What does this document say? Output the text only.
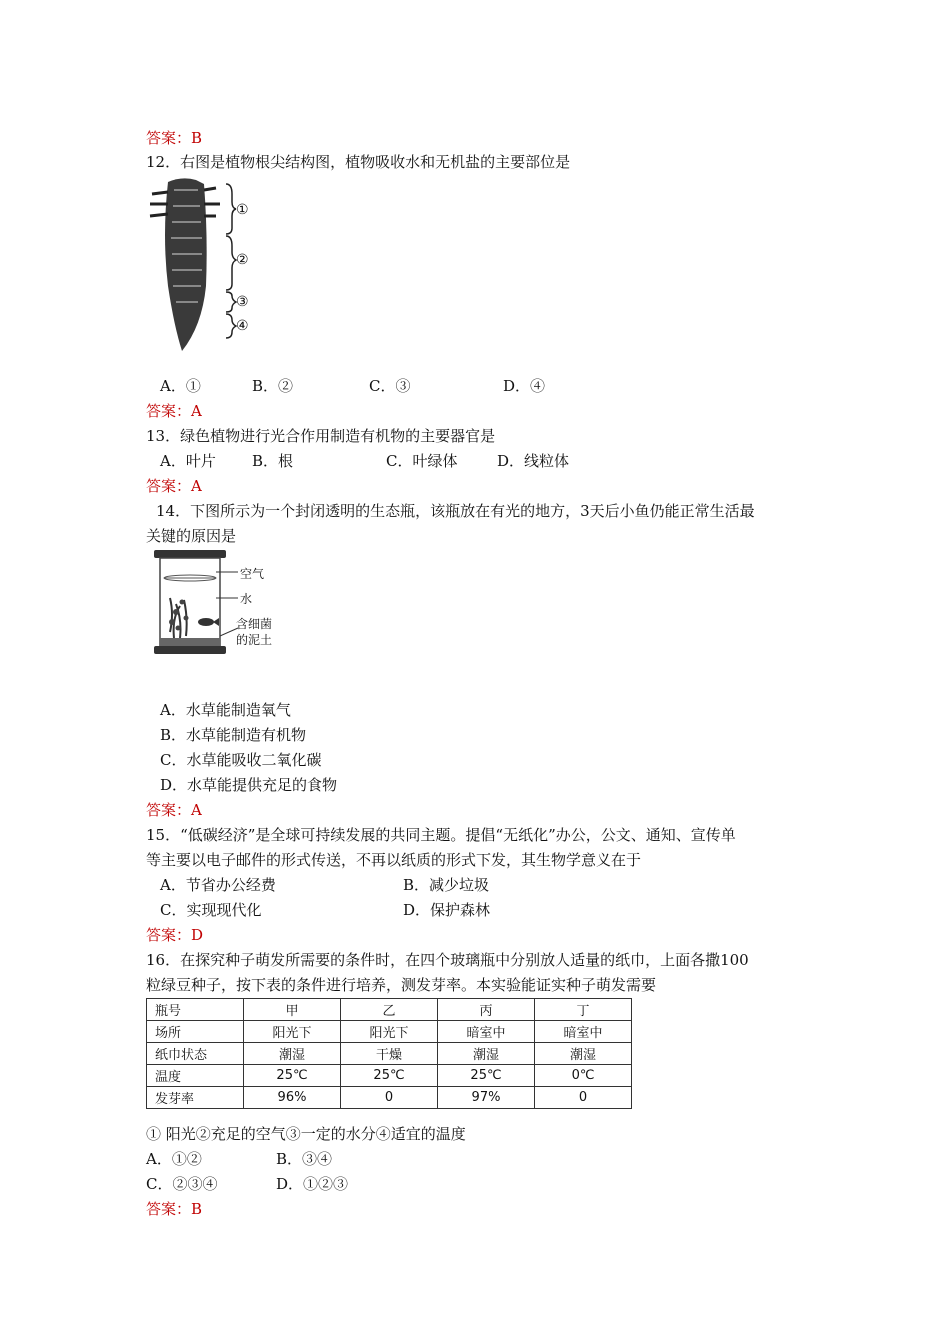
答案：B
12．右图是植物根尖结构图，植物吸收水和无机盐的主要部位是
①
②
③
④
A．①	B．②	C．③	D．④
答案：A
13．绿色植物进行光合作用制造有机物的主要器官是
A．叶片 B．根	C．叶绿体	D．线粒体
答案：A
14．下图所示为一个封闭透明的生态瓶，该瓶放在有光的地方，3天后小鱼仍能正常生活最
关键的原因是
空气
水
含细菌
的泥土
A．水草能制造氧气
B．水草能制造有机物
C．水草能吸收二氧化碳
D．水草能提供充足的食物
答案：A
15．“低碳经济”是全球可持续发展的共同主题。提倡“无纸化”办公，公文、通知、宣传单
等主要以电子邮件的形式传送，不再以纸质的形式下发，其生物学意义在于
A．节省办公经费	B．减少垃圾
C．实现现代化	D．保护森林
答案：D
16．在探究种子萌发所需要的条件时，在四个玻璃瓶中分别放人适量的纸巾，上面各撒100
粒绿豆种子，按下表的条件进行培养，测发芽率。本实验能证实种子萌发需要
瓶号	甲	乙	丙	丁
场所	阳光下	阳光下	暗室中	暗室中
纸巾状态	潮湿	干燥	潮湿	潮湿
温度	25℃	25℃	25℃	0℃
发芽率	96%	0	97%	0
① 阳光②充足的空气③一定的水分④适宜的温度
A．①②	B．③④
C．②③④	D．①②③
答案：B
